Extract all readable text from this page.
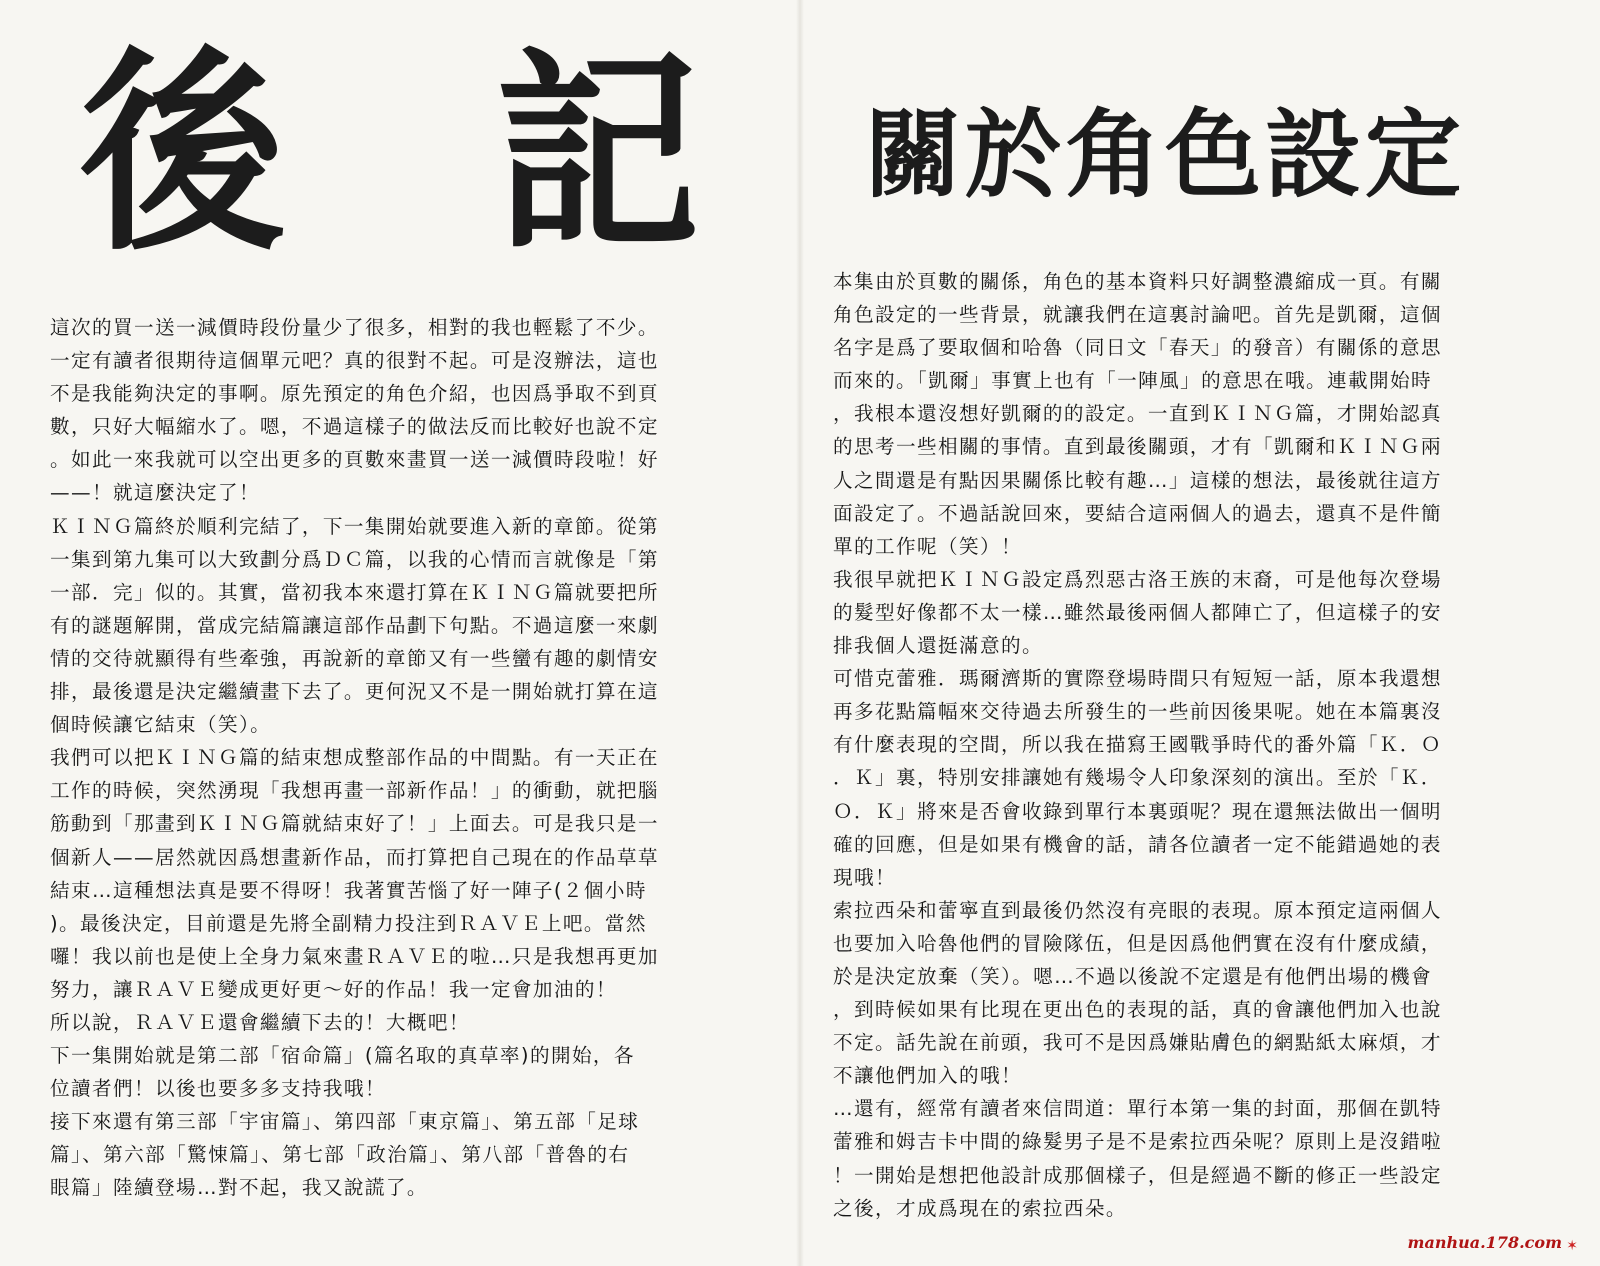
後 記
這次的買一送一減價時段份量少了很多，相對的我也輕鬆了不少。
一定有讀者很期待這個單元吧？真的很對不起。可是沒辦法，這也
不是我能夠決定的事啊。原先預定的角色介紹，也因爲爭取不到頁
數，只好大幅縮水了。嗯，不過這樣子的做法反而比較好也說不定
。如此一來我就可以空出更多的頁數來畫買一送一減價時段啦！好
——！就這麼決定了！
ＫＩＮＧ篇終於順利完結了，下一集開始就要進入新的章節。從第
一集到第九集可以大致劃分爲ＤＣ篇，以我的心情而言就像是「第
一部．完」似的。其實，當初我本來還打算在ＫＩＮＧ篇就要把所
有的謎題解開，當成完結篇讓這部作品劃下句點。不過這麼一來劇
情的交待就顯得有些牽強，再說新的章節又有一些蠻有趣的劇情安
排，最後還是決定繼續畫下去了。更何況又不是一開始就打算在這
個時候讓它結束（笑）。
我們可以把ＫＩＮＧ篇的結束想成整部作品的中間點。有一天正在
工作的時候，突然湧現「我想再畫一部新作品！」的衝動，就把腦
筋動到「那畫到ＫＩＮＧ篇就結束好了！」上面去。可是我只是一
個新人——居然就因爲想畫新作品，而打算把自己現在的作品草草
結束…這種想法真是要不得呀！我著實苦惱了好一陣子(２個小時
)。最後決定，目前還是先將全副精力投注到ＲＡＶＥ上吧。當然
囉！我以前也是使上全身力氣來畫ＲＡＶＥ的啦…只是我想再更加
努力，讓ＲＡＶＥ變成更好更～好的作品！我一定會加油的！
所以說，ＲＡＶＥ還會繼續下去的！大概吧！
下一集開始就是第二部「宿命篇」(篇名取的真草率)的開始，各
位讀者們！以後也要多多支持我哦！
接下來還有第三部「宇宙篇」、第四部「東京篇」、第五部「足球
篇」、第六部「驚悚篇」、第七部「政治篇」、第八部「普魯的右
眼篇」陸續登場…對不起，我又說謊了。
關於角色設定
本集由於頁數的關係，角色的基本資料只好調整濃縮成一頁。有關
角色設定的一些背景，就讓我們在這裏討論吧。首先是凱爾，這個
名字是爲了要取個和哈魯（同日文「春天」的發音）有關係的意思
而來的。「凱爾」事實上也有「一陣風」的意思在哦。連載開始時
，我根本還沒想好凱爾的的設定。一直到ＫＩＮＧ篇，才開始認真
的思考一些相關的事情。直到最後關頭，才有「凱爾和ＫＩＮＧ兩
人之間還是有點因果關係比較有趣…」這樣的想法，最後就往這方
面設定了。不過話說回來，要結合這兩個人的過去，還真不是件簡
單的工作呢（笑）！
我很早就把ＫＩＮＧ設定爲烈惡古洛王族的末裔，可是他每次登場
的髮型好像都不太一樣…雖然最後兩個人都陣亡了，但這樣子的安
排我個人還挺滿意的。
可惜克蕾雅．瑪爾濟斯的實際登場時間只有短短一話，原本我還想
再多花點篇幅來交待過去所發生的一些前因後果呢。她在本篇裏沒
有什麼表現的空間，所以我在描寫王國戰爭時代的番外篇「Ｋ．Ｏ
．Ｋ」裏，特別安排讓她有幾場令人印象深刻的演出。至於「Ｋ．
Ｏ．Ｋ」將來是否會收錄到單行本裏頭呢？現在還無法做出一個明
確的回應，但是如果有機會的話，請各位讀者一定不能錯過她的表
現哦！
索拉西朵和蕾寧直到最後仍然沒有亮眼的表現。原本預定這兩個人
也要加入哈魯他們的冒險隊伍，但是因爲他們實在沒有什麼成績，
於是決定放棄（笑）。嗯…不過以後說不定還是有他們出場的機會
，到時候如果有比現在更出色的表現的話，真的會讓他們加入也說
不定。話先說在前頭，我可不是因爲嫌貼膚色的網點紙太麻煩，才
不讓他們加入的哦！
…還有，經常有讀者來信問道：單行本第一集的封面，那個在凱特
蕾雅和姆吉卡中間的綠髮男子是不是索拉西朵呢？原則上是沒錯啦
！一開始是想把他設計成那個樣子，但是經過不斷的修正一些設定
之後，才成爲現在的索拉西朵。
manhua.178.com ✶
